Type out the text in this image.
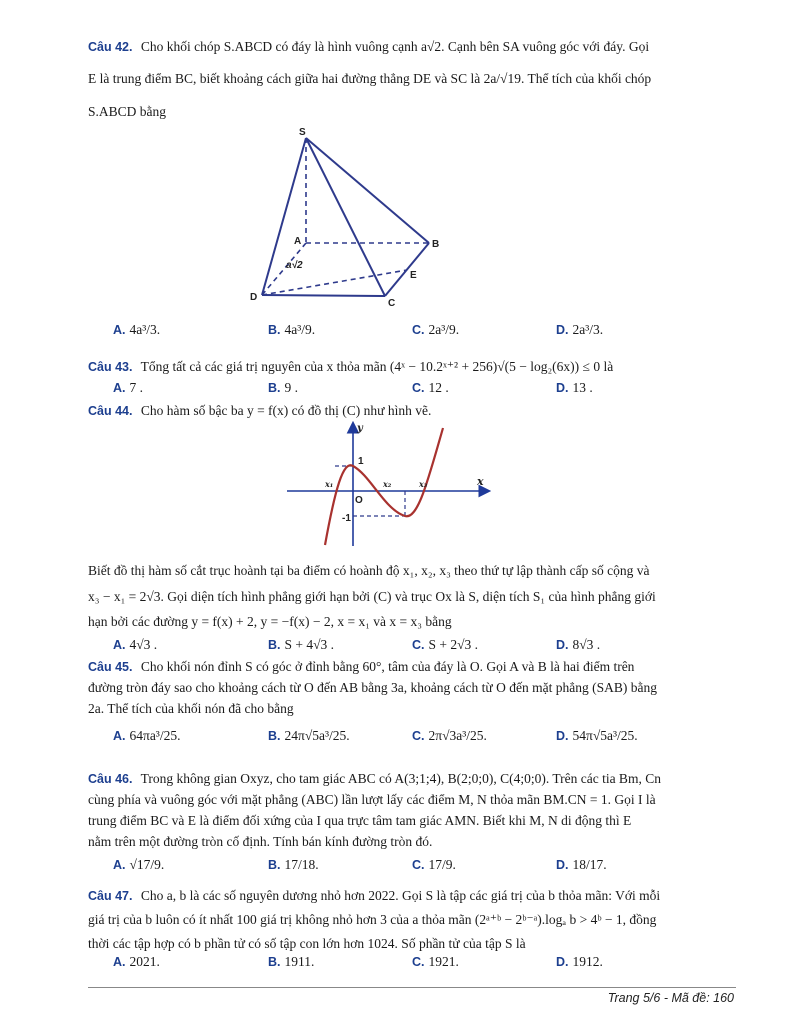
Câu 42. Cho khối chóp S.ABCD có đáy là hình vuông cạnh a√2. Cạnh bên SA vuông góc với đáy. Gọi
E là trung điểm BC, biết khoảng cách giữa hai đường thẳng DE và SC là 2a/√19. Thể tích của khối chóp
S.ABCD bằng
S
A	B
C
D
E
a√2
A. 4a³/3.	B. 4a³/9.	C. 2a³/9.	D. 2a³/3.
Câu 43. Tổng tất cả các giá trị nguyên của x thỏa mãn (4ˣ − 10.2ˣ⁺² + 256)√(5 − log₂(6x)) ≤ 0 là
A. 7 .	B. 9 .	C. 12 .	D. 13 .
Câu 44. Cho hàm số bậc ba y = f(x) có đồ thị (C) như hình vẽ.
y
x
O
1
-1
x₁	x₂	x₃
Biết đồ thị hàm số cắt trục hoành tại ba điểm có hoành độ x₁, x₂, x₃ theo thứ tự lập thành cấp số cộng và
x₃ − x₁ = 2√3. Gọi diện tích hình phẳng giới hạn bởi (C) và trục Ox là S, diện tích S₁ của hình phẳng giới
hạn bởi các đường y = f(x) + 2, y = −f(x) − 2, x = x₁ và x = x₃ bằng
A. 4√3 .	B. S + 4√3 .	C. S + 2√3 .	D. 8√3 .
Câu 45. Cho khối nón đỉnh S có góc ở đỉnh bằng 60°, tâm của đáy là O. Gọi A và B là hai điểm trên
đường tròn đáy sao cho khoảng cách từ O đến AB bằng 3a, khoảng cách từ O đến mặt phẳng (SAB) bằng
2a. Thể tích của khối nón đã cho bằng
A. 64πa³/25.	B. 24π√5a³/25.	C. 2π√3a³/25.	D. 54π√5a³/25.
Câu 46. Trong không gian Oxyz, cho tam giác ABC có A(3;1;4), B(2;0;0), C(4;0;0). Trên các tia Bm, Cn
cùng phía và vuông góc với mặt phẳng (ABC) lần lượt lấy các điểm M, N thỏa mãn BM.CN = 1. Gọi I là
trung điểm BC và E là điểm đối xứng của I qua trực tâm tam giác AMN. Biết khi M, N di động thì E
nằm trên một đường tròn cố định. Tính bán kính đường tròn đó.
A. √17/9.	B. 17/18.	C. 17/9.	D. 18/17.
Câu 47. Cho a, b là các số nguyên dương nhỏ hơn 2022. Gọi S là tập các giá trị của b thỏa mãn: Với mỗi
giá trị của b luôn có ít nhất 100 giá trị không nhỏ hơn 3 của a thỏa mãn (2ᵃ⁺ᵇ − 2ᵇ⁻ᵃ).logₐ b > 4ᵇ − 1, đồng
thời các tập hợp có b phần tử có số tập con lớn hơn 1024. Số phần tử của tập S là
A. 2021.	B. 1911.	C. 1921.	D. 1912.
Trang 5/6 - Mã đề: 160
